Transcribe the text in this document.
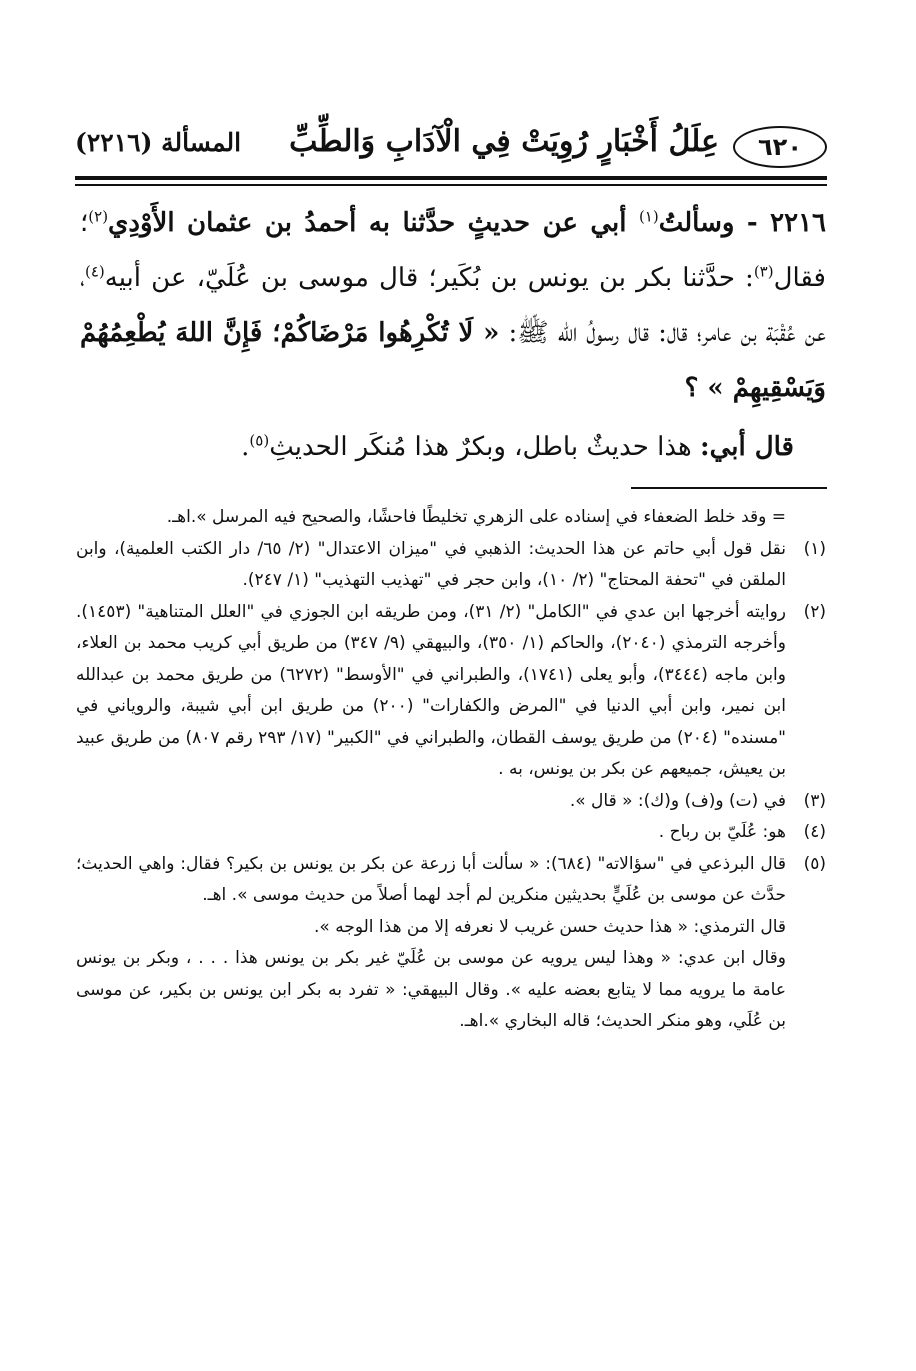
٦٢٠
عِلَلُ أَخْبَارٍ رُوِيَتْ فِي الْآدَابِ وَالطِّبِّ
المسألة (٢٢١٦)

٢٢١٦ - وسألتُ$^{(١)}$ أبي عن حديثٍ حدَّثنا به أحمدُ بن عثمان الأَوْدِي$^{(٢)}$؛ فقال$^{(٣)}$: حدَّثنا بكر بن يونس بن بُكَير؛ قال موسى بن عُلَيّ، عن أبيه$^{(٤)}$، عن عُقْبَة بن عامر؛ قال: قال رسولُ الله ﷺ: « لَا تُكْرِهُوا مَرْضَاكُمْ؛ فَإِنَّ اللهَ يُطْعِمُهُمْ وَيَسْقِيهِمْ » ؟

قال أبي: هذا حديثٌ باطل، وبكرٌ هذا مُنكَر الحديثِ$^{(٥)}$.

= وقد خلط الضعفاء في إسناده على الزهري تخليطًا فاحشًا، والصحيح فيه المرسل ».اهـ.
(١)
نقل قول أبي حاتم عن هذا الحديث: الذهبي في "ميزان الاعتدال" (٢/ ٦٥/ دار الكتب العلمية)، وابن الملقن في "تحفة المحتاج" (٢/ ١٠)، وابن حجر في "تهذيب التهذيب" (١/ ٢٤٧).
(٢)
روايته أخرجها ابن عدي في "الكامل" (٢/ ٣١)، ومن طريقه ابن الجوزي في "العلل المتناهية" (١٤٥٣). وأخرجه الترمذي (٢٠٤٠)، والحاكم (١/ ٣٥٠)، والبيهقي (٩/ ٣٤٧) من طريق أبي كريب محمد بن العلاء، وابن ماجه (٣٤٤٤)، وأبو يعلى (١٧٤١)، والطبراني في "الأوسط" (٦٢٧٢) من طريق محمد بن عبدالله ابن نمير، وابن أبي الدنيا في "المرض والكفارات" (٢٠٠) من طريق ابن أبي شيبة، والروياني في "مسنده" (٢٠٤) من طريق يوسف القطان، والطبراني في "الكبير" (١٧/ ٢٩٣ رقم ٨٠٧) من طريق عبيد بن يعيش، جميعهم عن بكر بن يونس، به .
(٣)
في (ت) و(ف) و(ك): « قال ».
(٤)
هو: عُلَيّ بن رباح .
(٥)
قال البرذعي في "سؤالاته" (٦٨٤): « سألت أبا زرعة عن بكر بن يونس بن بكير؟ فقال: واهي الحديث؛ حدَّث عن موسى بن عُلَيٍّ بحديثين منكرين لم أجد لهما أصلاً من حديث موسى ». اهـ.

قال الترمذي: « هذا حديث حسن غريب لا نعرفه إلا من هذا الوجه ».

وقال ابن عدي: « وهذا ليس يرويه عن موسى بن عُلَيّ غير بكر بن يونس هذا . . . ، وبكر بن يونس عامة ما يرويه مما لا يتابع بعضه عليه ». وقال البيهقي: « تفرد به بكر ابن يونس بن بكير، عن موسى بن عُلَي، وهو منكر الحديث؛ قاله البخاري ».اهـ.
